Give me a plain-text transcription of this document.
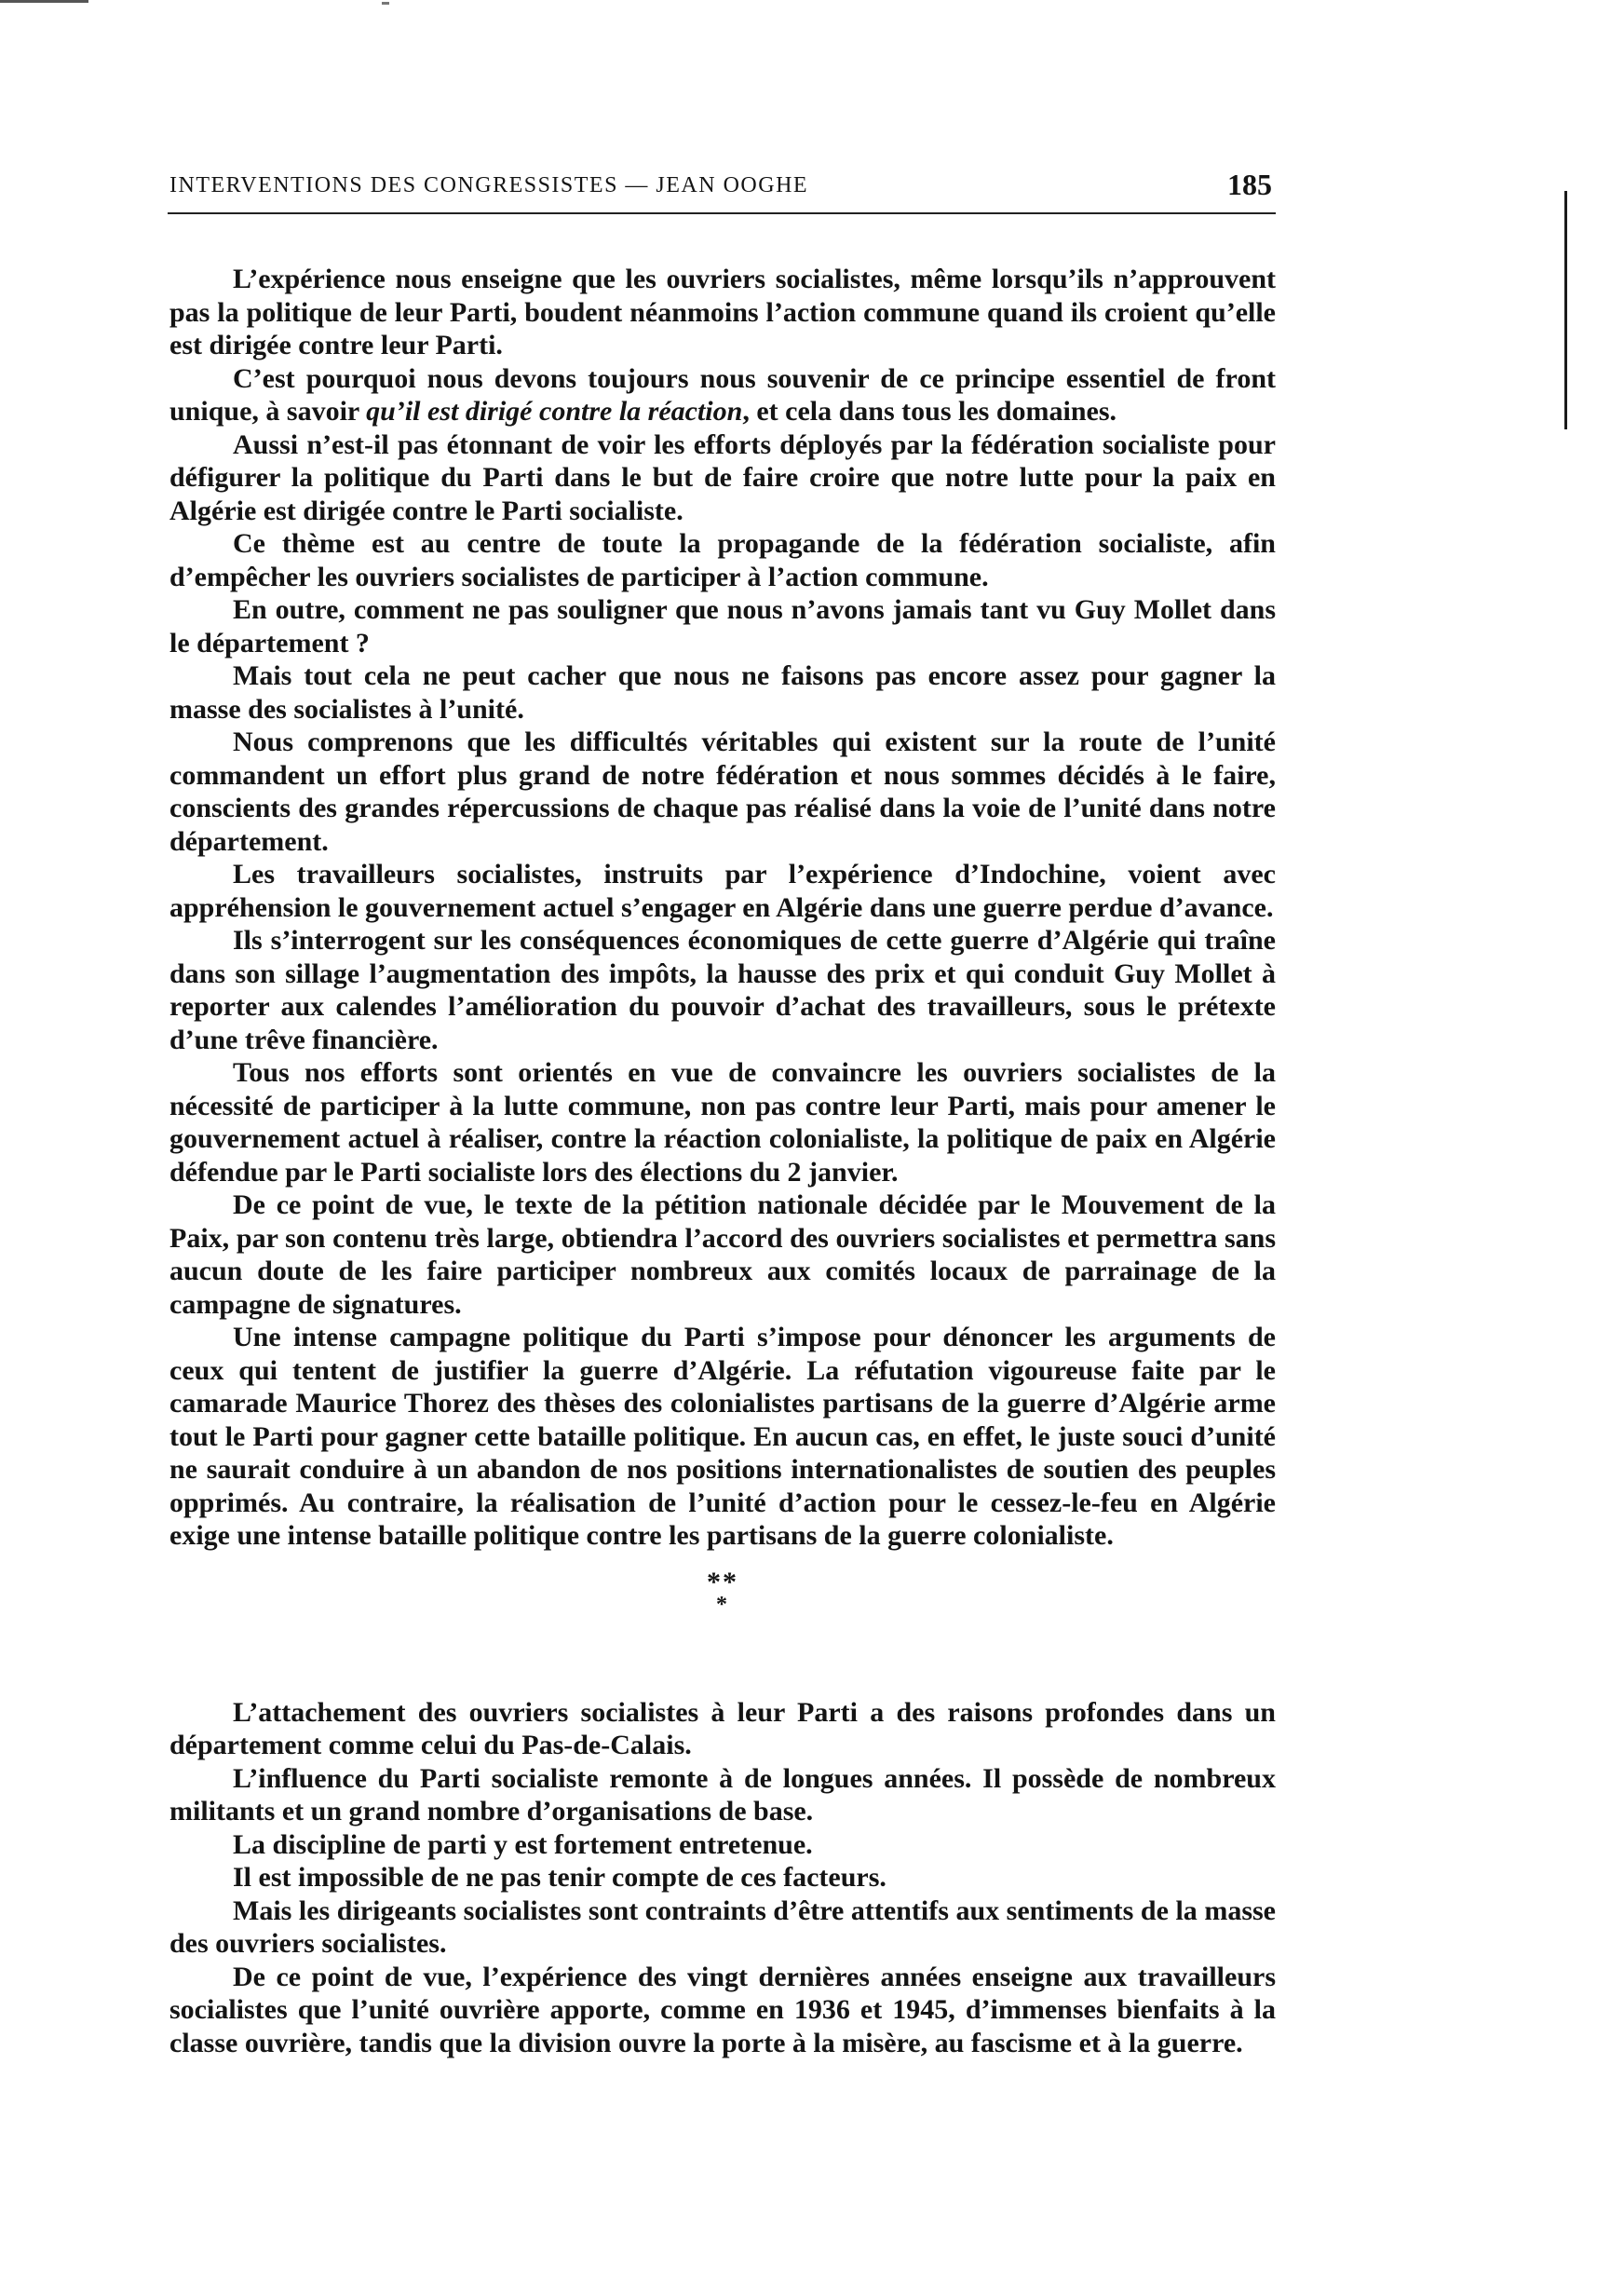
INTERVENTIONS DES CONGRESSISTES — JEAN OOGHE	185

L’expérience nous enseigne que les ouvriers socialistes, même lorsqu’ils n’approuvent pas la politique de leur Parti, boudent néanmoins l’action commune quand ils croient qu’elle est dirigée contre leur Parti.

C’est pourquoi nous devons toujours nous souvenir de ce principe essentiel de front unique, à savoir qu’il est dirigé contre la réaction, et cela dans tous les domaines.

Aussi n’est-il pas étonnant de voir les efforts déployés par la fédération socialiste pour défigurer la politique du Parti dans le but de faire croire que notre lutte pour la paix en Algérie est dirigée contre le Parti socialiste.

Ce thème est au centre de toute la propagande de la fédération socialiste, afin d’empêcher les ouvriers socialistes de participer à l’action commune.

En outre, comment ne pas souligner que nous n’avons jamais tant vu Guy Mollet dans le département ?

Mais tout cela ne peut cacher que nous ne faisons pas encore assez pour gagner la masse des socialistes à l’unité.

Nous comprenons que les difficultés véritables qui existent sur la route de l’unité commandent un effort plus grand de notre fédération et nous sommes décidés à le faire, conscients des grandes répercussions de chaque pas réalisé dans la voie de l’unité dans notre département.

Les travailleurs socialistes, instruits par l’expérience d’Indochine, voient avec appréhension le gouvernement actuel s’engager en Algérie dans une guerre perdue d’avance.

Ils s’interrogent sur les conséquences économiques de cette guerre d’Algérie qui traîne dans son sillage l’augmentation des impôts, la hausse des prix et qui conduit Guy Mollet à reporter aux calendes l’amélioration du pouvoir d’achat des travailleurs, sous le prétexte d’une trêve financière.

Tous nos efforts sont orientés en vue de convaincre les ouvriers socialistes de la nécessité de participer à la lutte commune, non pas contre leur Parti, mais pour amener le gouvernement actuel à réaliser, contre la réaction colonialiste, la politique de paix en Algérie défendue par le Parti socialiste lors des élections du 2 janvier.

De ce point de vue, le texte de la pétition nationale décidée par le Mouvement de la Paix, par son contenu très large, obtiendra l’accord des ouvriers socialistes et permettra sans aucun doute de les faire participer nombreux aux comités locaux de parrainage de la campagne de signatures.

Une intense campagne politique du Parti s’impose pour dénoncer les arguments de ceux qui tentent de justifier la guerre d’Algérie. La réfutation vigoureuse faite par le camarade Maurice Thorez des thèses des colonialistes partisans de la guerre d’Algérie arme tout le Parti pour gagner cette bataille politique. En aucun cas, en effet, le juste souci d’unité ne saurait conduire à un abandon de nos positions internationalistes de soutien des peuples opprimés. Au contraire, la réalisation de l’unité d’action pour le cessez-le-feu en Algérie exige une intense bataille politique contre les partisans de la guerre colonialiste.

**
*

L’attachement des ouvriers socialistes à leur Parti a des raisons profondes dans un département comme celui du Pas-de-Calais.

L’influence du Parti socialiste remonte à de longues années. Il possède de nombreux militants et un grand nombre d’organisations de base.

La discipline de parti y est fortement entretenue.

Il est impossible de ne pas tenir compte de ces facteurs.

Mais les dirigeants socialistes sont contraints d’être attentifs aux sentiments de la masse des ouvriers socialistes.

De ce point de vue, l’expérience des vingt dernières années enseigne aux travailleurs socialistes que l’unité ouvrière apporte, comme en 1936 et 1945, d’immenses bienfaits à la classe ouvrière, tandis que la division ouvre la porte à la misère, au fascisme et à la guerre.
